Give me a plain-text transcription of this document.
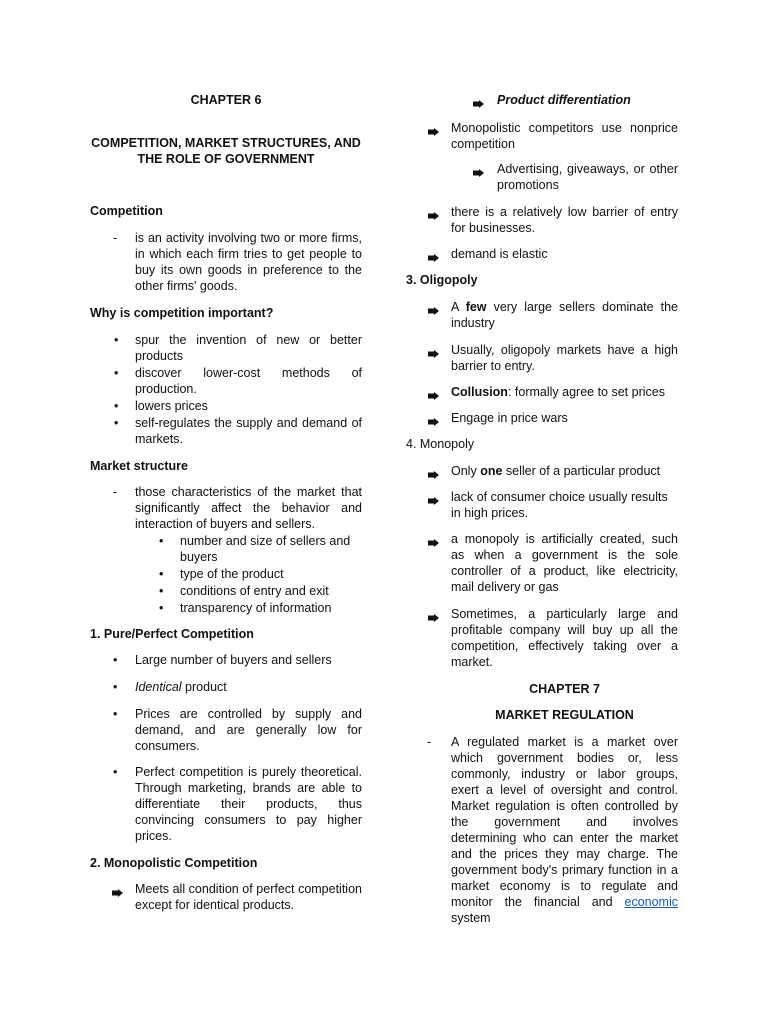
CHAPTER 6

COMPETITION, MARKET STRUCTURES, AND

THE ROLE OF GOVERNMENT

Competition

- is an activity involving two or more firms, in which each firm tries to get people to buy its own goods in preference to the other firms' goods.

Why is competition important?

• spur the invention of new or better products

• discover lower-cost methods of production.

• lowers prices

• self-regulates the supply and demand of markets.

Market structure

- those characteristics of the market that significantly affect the behavior and interaction of buyers and sellers.

• number and size of sellers and buyers

• type of the product

• conditions of entry and exit

• transparency of information

1. Pure/Perfect Competition

• Large number of buyers and sellers

• Identical product

• Prices are controlled by supply and demand, and are generally low for consumers.

• Perfect competition is purely theoretical. Through marketing, brands are able to differentiate their products, thus convincing consumers to pay higher prices.

2. Monopolistic Competition

Meets all condition of perfect competition except for identical products.

Product differentiation

Monopolistic competitors use nonprice competition

Advertising, giveaways, or other promotions

there is a relatively low barrier of entry for businesses.

demand is elastic

3. Oligopoly

A few very large sellers dominate the industry

Usually, oligopoly markets have a high barrier to entry.

Collusion: formally agree to set prices

Engage in price wars

4. Monopoly

Only one seller of a particular product

lack of consumer choice usually results in high prices.

a monopoly is artificially created, such as when a government is the sole controller of a product, like electricity, mail delivery or gas

Sometimes, a particularly large and profitable company will buy up all the competition, effectively taking over a market.

CHAPTER 7

MARKET REGULATION

- A regulated market is a market over which government bodies or, less commonly, industry or labor groups, exert a level of oversight and control. Market regulation is often controlled by the government and involves determining who can enter the market and the prices they may charge. The government body's primary function in a market economy is to regulate and monitor the financial and economic system
